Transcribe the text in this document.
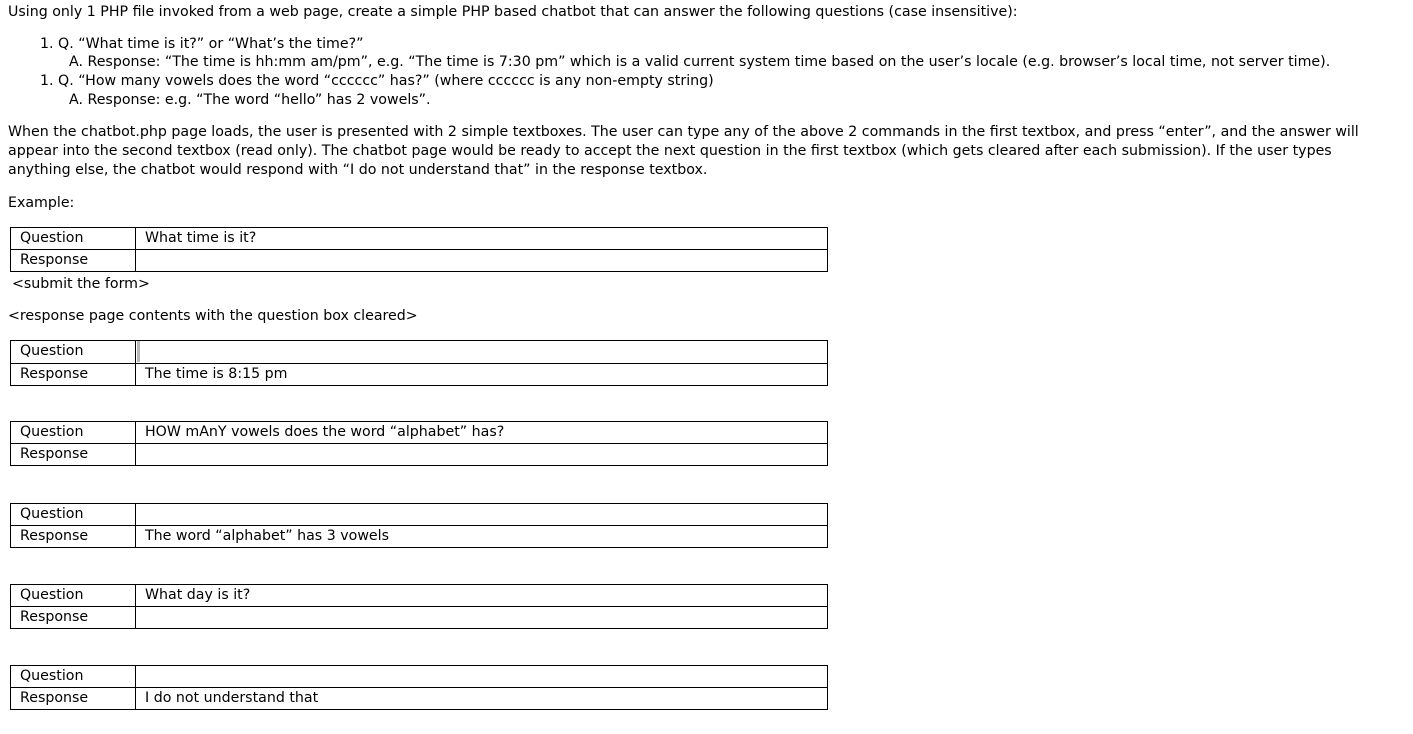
Using only 1 PHP file invoked from a web page, create a simple PHP based chatbot that can answer the following questions (case insensitive):
1. Q. “What time is it?” or “What’s the time?”
A. Response: “The time is hh:mm am/pm”, e.g. “The time is 7:30 pm” which is a valid current system time based on the user’s locale (e.g. browser’s local time, not server time).
1. Q. “How many vowels does the word “cccccc” has?” (where cccccc is any non-empty string)
A. Response: e.g. “The word “hello” has 2 vowels”.
When the chatbot.php page loads, the user is presented with 2 simple textboxes. The user can type any of the above 2 commands in the first textbox, and press “enter”, and the answer will
appear into the second textbox (read only). The chatbot page would be ready to accept the next question in the first textbox (which gets cleared after each submission). If the user types
anything else, the chatbot would respond with “I do not understand that” in the response textbox.
Example:
Question	What time is it?
Response	
<submit the form>
<response page contents with the question box cleared>
Question	
Response	The time is 8:15 pm
Question	HOW mAnY vowels does the word “alphabet” has?
Response	
Question	
Response	The word “alphabet” has 3 vowels
Question	What day is it?
Response	
Question	
Response	I do not understand that
